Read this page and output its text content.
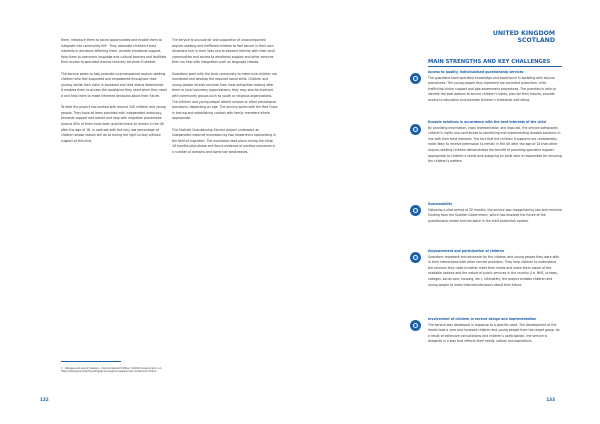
them, introduce them to social opportunities and enable them to integrate into community life¹. They advocate children’s best interests in decisions affecting them, provide emotional support, help them to overcome language and cultural barriers and facilitate their access to specialist trauma recovery services if needed.

The service seeks to help promote unaccompanied asylum-seeking children who feel supported and empowered throughout their journey whilst their claim is assessed and their status determined. It enables them to access the assistance they need when they need it and help them to make informed decisions about their future.

To date the project has worked with around 240 children and young people. They have all been provided with independent advocacy, personal support and advice and help with migration procedures. Around 40% of them have been granted leave to remain in the UK after the age of 18, in contrast with the very low percentage of children whose reason will do so during the right to stay without support of this kind.

The service is unusual for and supportive of unaccompanied asylum-seeking and trafficked children to feel secure in their own situations and in their lives and to become familiar with their local communities and access to emotional support and other services that can help with integration such as language classes.

Guardians work with the local community to make sure children are monitored and develop the required social skills. Children and young people receive services from local authorities looking after them or local voluntary organisations; they may also be involved with community groups such as youth or religious organisations. The children and young people attend schools or other educational provisions, depending on age. The service works with the Red Cross in tracing and establishing contact with family members where appropriate.

The Scottish Guardianship Service project underwent an independent external evaluation by two researchers specialising in the field of migration. The evaluation took place during the initial 18 months pilot phase and found evidence of positive outcomes in a number of domains and some key weaknesses.

1 Refugee and asylum Seekers - Unaccompanied Children’ Scottish Government, n.d., https://www.gov.scot/policy/refugees-and-asylum-seekers/unaccompanied-children
132
UNITED KINGDOM
SCOTLAND
MAIN STRENGTHS AND KEY CHALLENGES
Access to quality, individualised guardianship services
The guardians have specialist knowledge and experience in assisting with asylum procedures. The young people they represent are accorded protection, child trafficking victim support and age assessment procedures. The guardian is able to identify the best options to secure children’s rights, plan for their futures, provide access to education and promote children’s emotional well-being.
Durable solutions in accordance with the best interests of the child
By providing information, legal representation and legal aid, the service safeguards children’s rights and contributes to identifying and implementing durable solutions in line with their best interests. The fact that the children it supports are considerably more likely to receive permission to remain in the UK after the age of 18 than other asylum-seeking children demonstrates the benefit of providing specialist support appropriate to children’s needs and assigning an adult who is responsible for ensuring the children’s welfare.
Sustainability
Following a pilot period of 30 months, the service was recognised by law and received funding from the Scottish Government, which has resolved the future of the guardianship model and the place in the child protection system.
Empowerment and participation of children
Guardians represent and advocate for the children and young people they work with in their interactions with other service providers. They help children to understand the services they need to better meet their needs and make them aware of the available options and the nature of public services in the country (i.e. NHS, schools, colleges, social care, housing, etc.). Ultimately, the project enables children and young people to make informed decisions about their future.
Involvement of children in service design and implementation
The service was developed in response to a specific need. The development of the model took a year and involved children and young people from the target group. As a result of extensive consultations and children’s participation, the service is designed in a way that reflects their needs, wishes and aspirations.
133
